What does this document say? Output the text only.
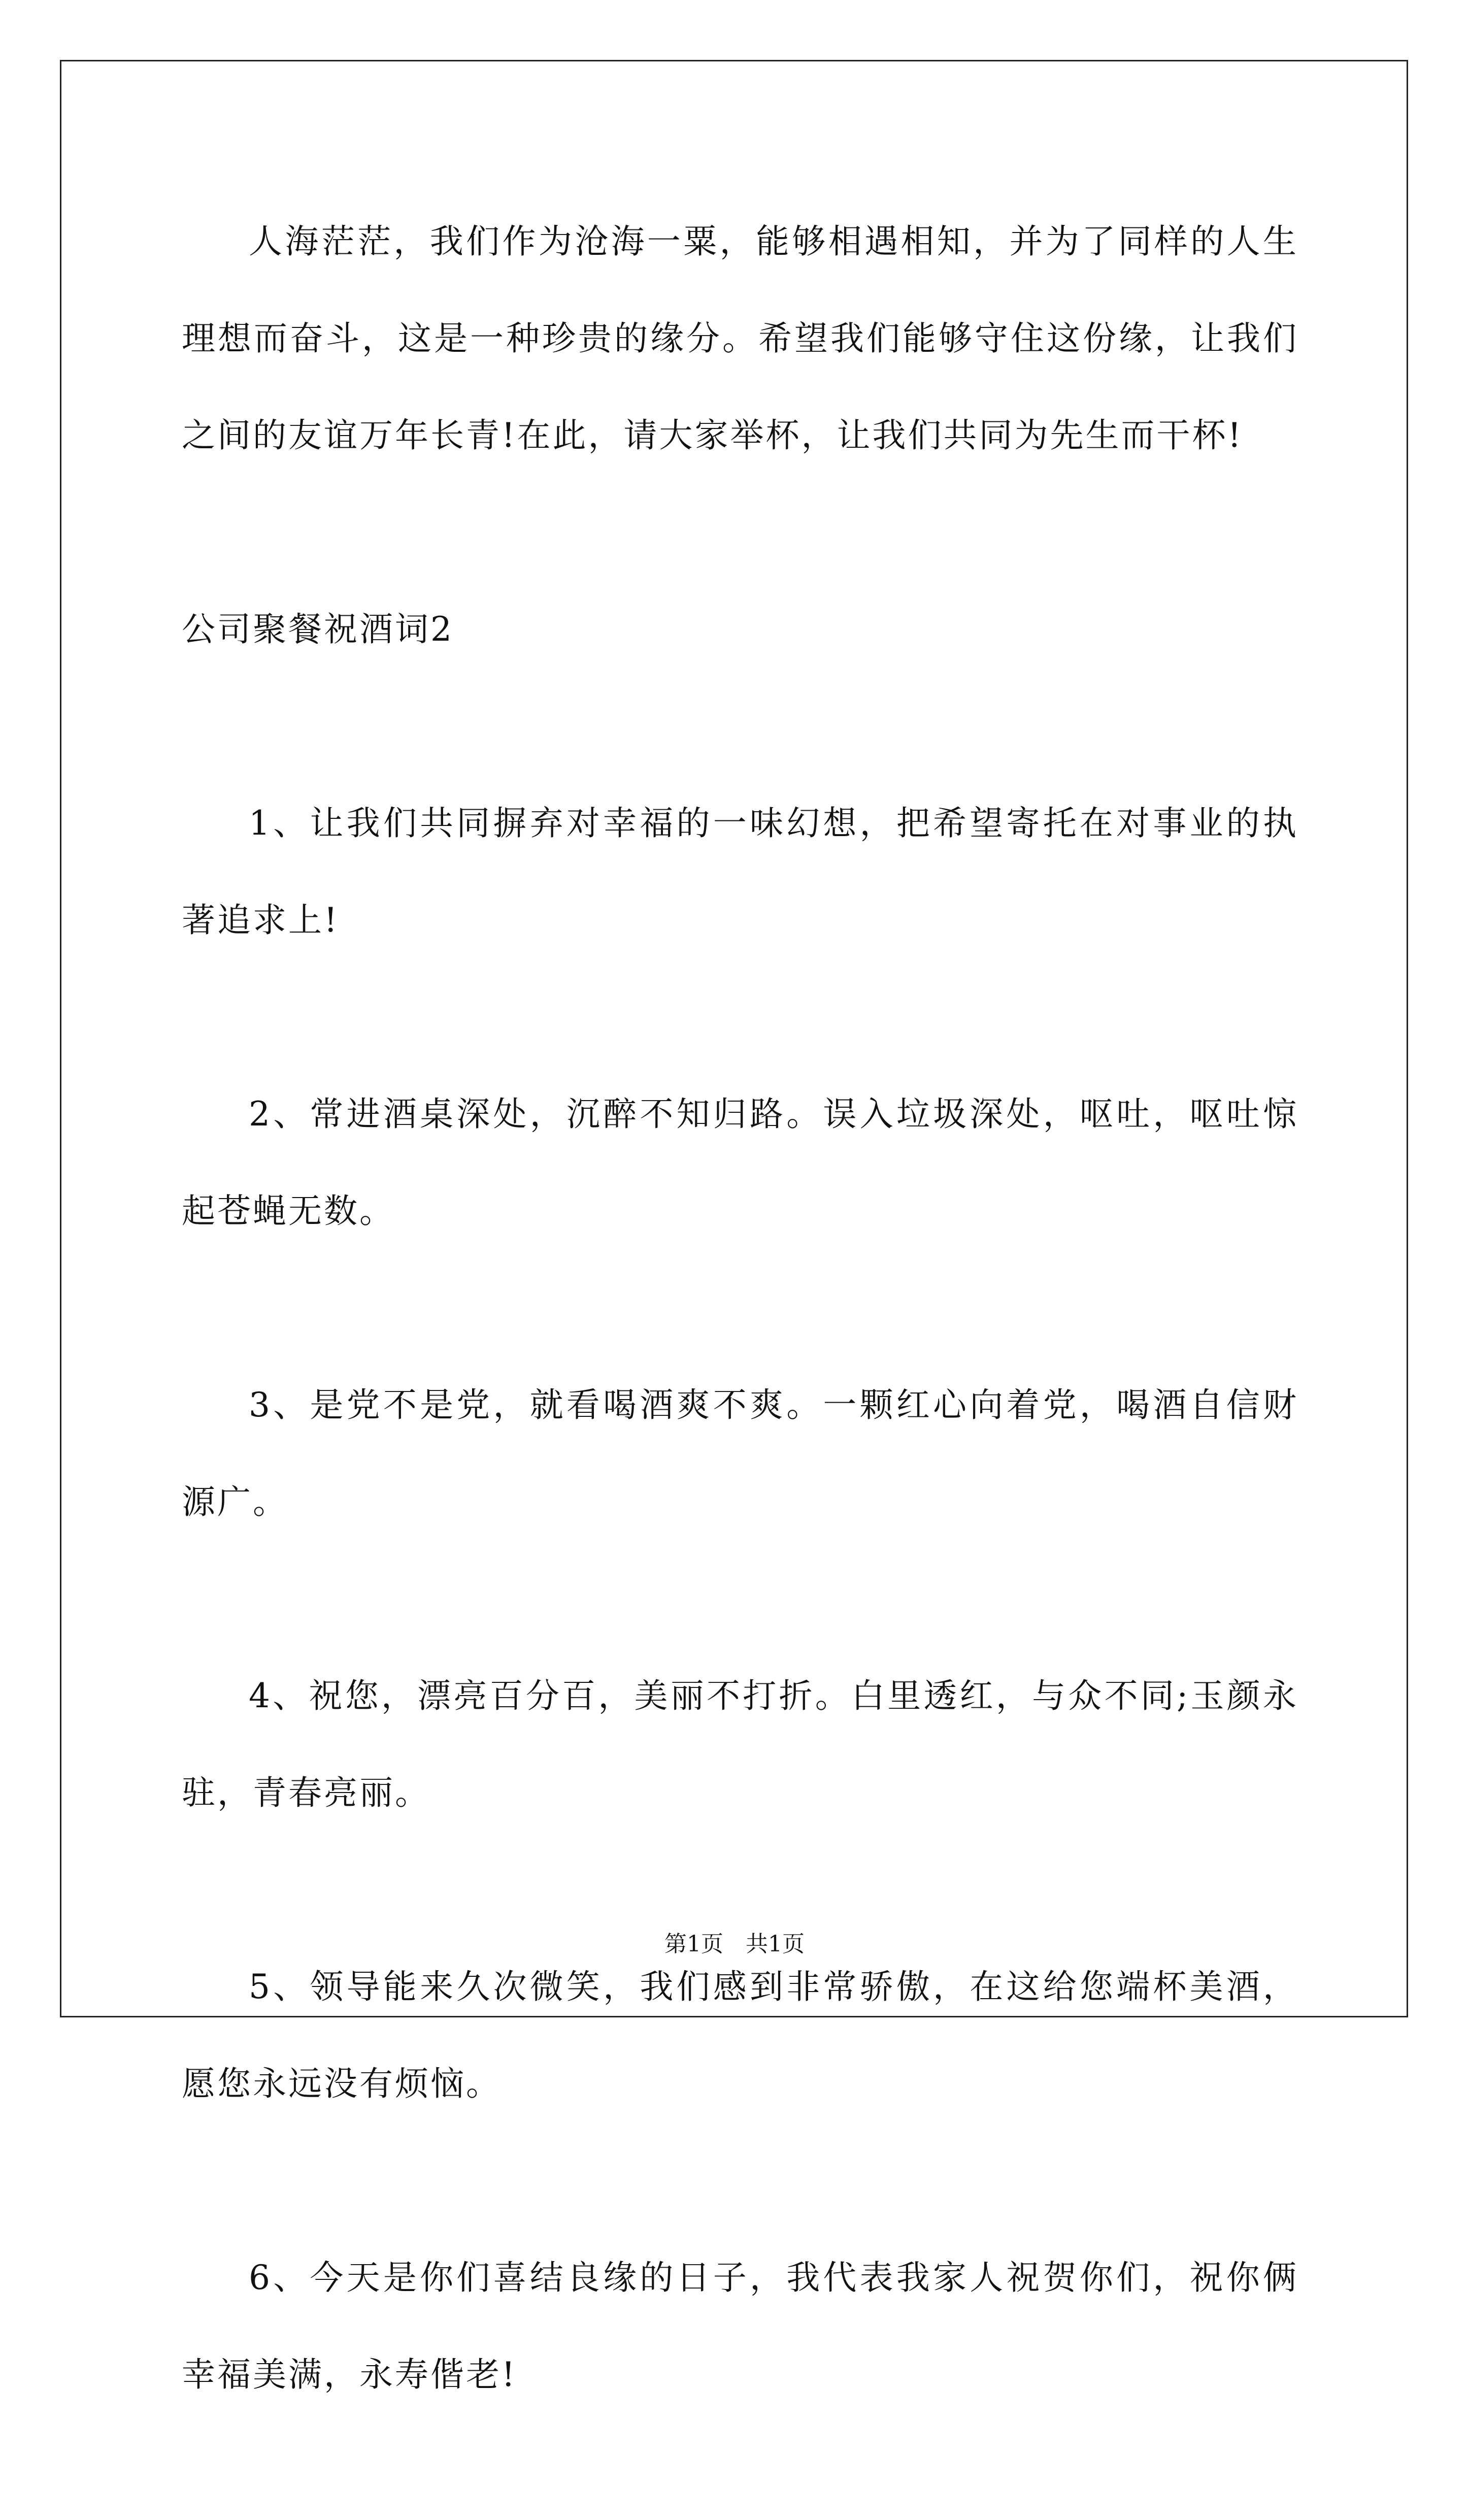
人海茫茫，我们作为沧海一粟，能够相遇相知，并为了同样的人生理想而奋斗，这是一种珍贵的缘分。希望我们能够守住这份缘，让我们之间的友谊万年长青!在此，请大家举杯，让我们共同为先生而干杯!

公司聚餐祝酒词2

1、让我们共同摒弃对幸福的一味幻想，把希望寄托在对事业的执著追求上!

2、常进酒桌深处，沉醉不知归路。误入垃圾深处，呕吐，呕吐惊起苍蝇无数。

3、是党不是党，就看喝酒爽不爽。一颗红心向着党，喝酒自信财源广。

4、祝您，漂亮百分百，美丽不打折。白里透红，与众不同;玉颜永驻，青春亮丽。

5、领导能来久次微笑，我们感到非常骄傲，在这给您端杯美酒，愿您永远没有烦恼。

6、今天是你们喜结良缘的日子，我代表我家人祝贺你们，祝你俩幸福美满，永寿偕老!

第1页 共1页
